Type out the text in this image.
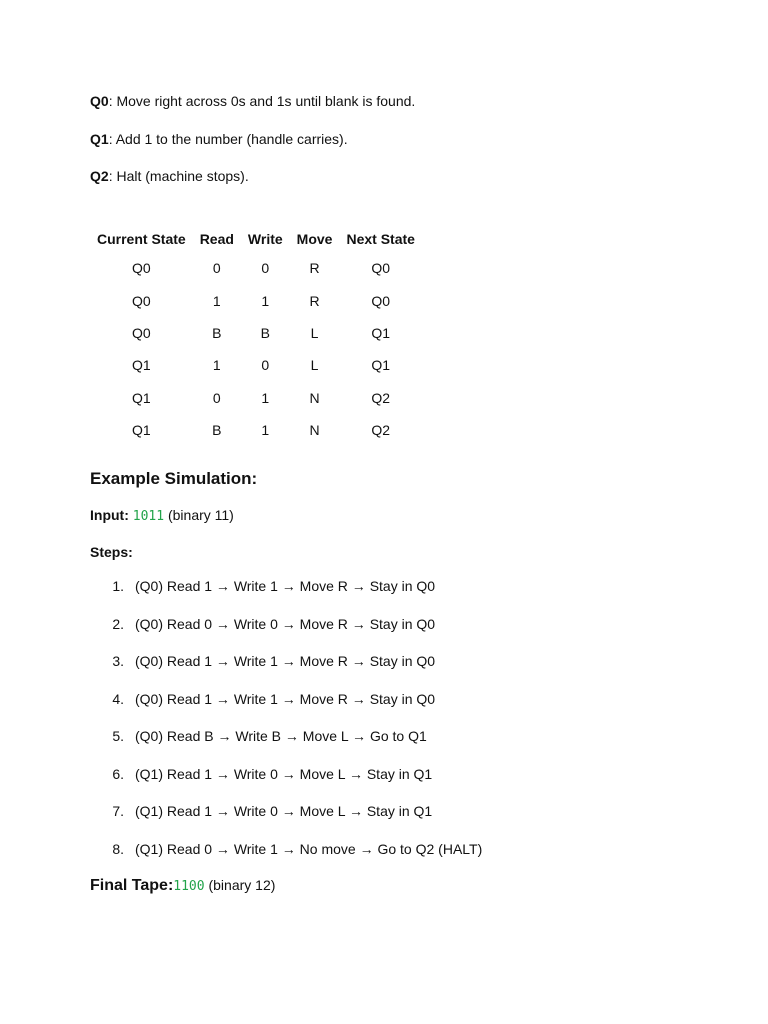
Q0: Move right across 0s and 1s until blank is found.
Q1: Add 1 to the number (handle carries).
Q2: Halt (machine stops).
Current State	Read	Write	Move	Next State
Q0	0	0	R	Q0
Q0	1	1	R	Q0
Q0	B	B	L	Q1
Q1	1	0	L	Q1
Q1	0	1	N	Q2
Q1	B	1	N	Q2
Example Simulation:
Input: 1011 (binary 11)
Steps:
1. (Q0) Read 1 → Write 1 → Move R → Stay in Q0
2. (Q0) Read 0 → Write 0 → Move R → Stay in Q0
3. (Q0) Read 1 → Write 1 → Move R → Stay in Q0
4. (Q0) Read 1 → Write 1 → Move R → Stay in Q0
5. (Q0) Read B → Write B → Move L → Go to Q1
6. (Q1) Read 1 → Write 0 → Move L → Stay in Q1
7. (Q1) Read 1 → Write 0 → Move L → Stay in Q1
8. (Q1) Read 0 → Write 1 → No move → Go to Q2 (HALT)
Final Tape:1100 (binary 12)
